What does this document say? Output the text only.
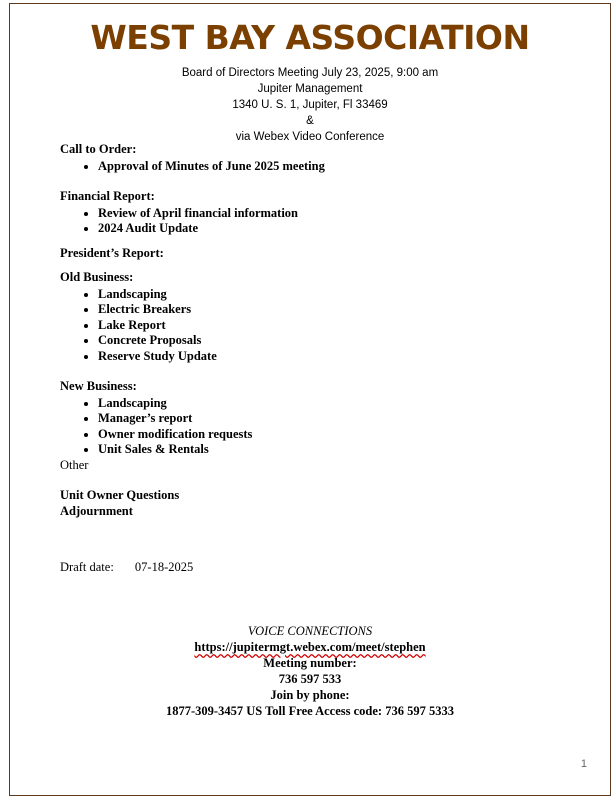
WEST BAY ASSOCIATION
Board of Directors Meeting July 23, 2025, 9:00 am
Jupiter Management
1340 U. S. 1, Jupiter, Fl 33469
&
via Webex Video Conference
Call to Order:
• Approval of Minutes of June 2025 meeting
Financial Report:
• Review of April financial information
• 2024 Audit Update
President’s Report:
Old Business:
• Landscaping
• Electric Breakers
• Lake Report
• Concrete Proposals
• Reserve Study Update
New Business:
• Landscaping
• Manager’s report
• Owner modification requests
• Unit Sales & Rentals
Other
Unit Owner Questions
Adjournment
Draft date: 07-18-2025
VOICE CONNECTIONS
https://jupitermgt.webex.com/meet/stephen
Meeting number:
736 597 533
Join by phone:
1877-309-3457 US Toll Free Access code: 736 597 5333
1
